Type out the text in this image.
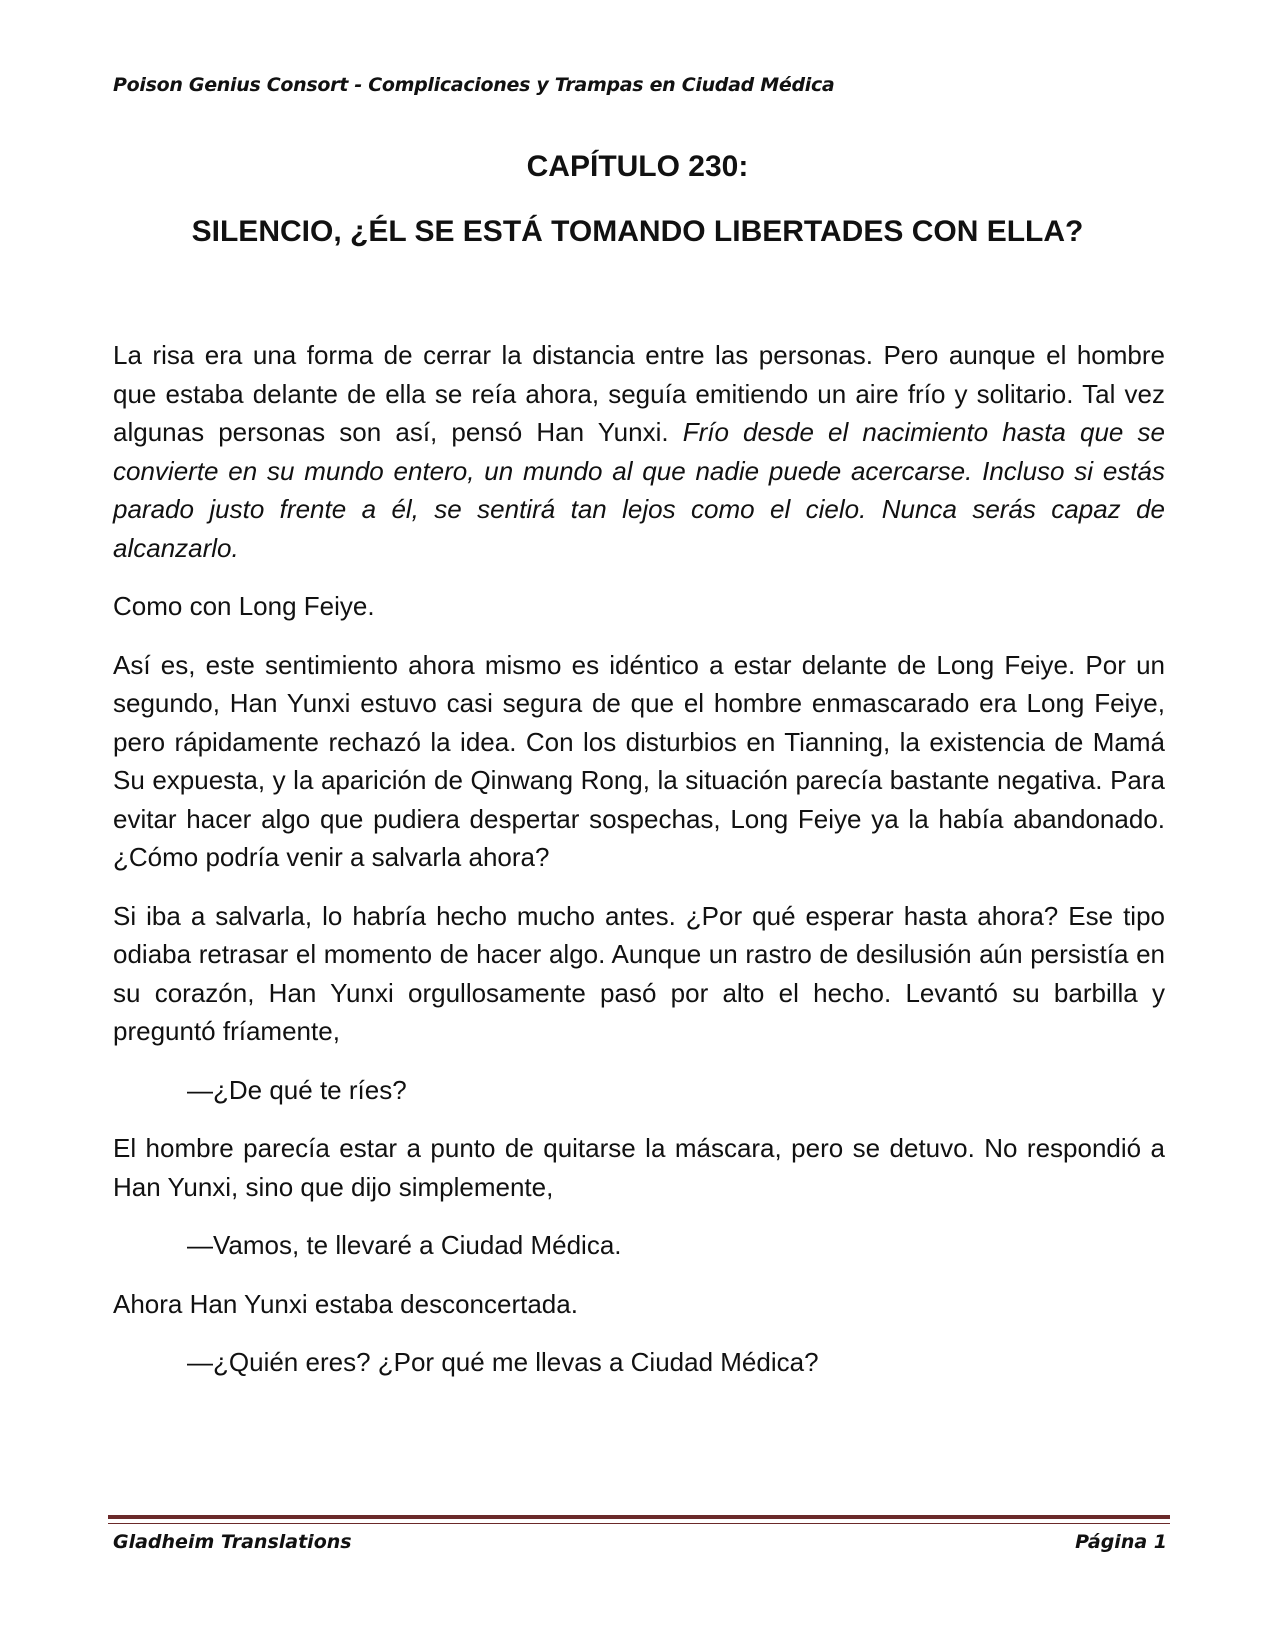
Poison Genius Consort - Complicaciones y Trampas en Ciudad Médica
CAPÍTULO 230:
SILENCIO, ¿ÉL SE ESTÁ TOMANDO LIBERTADES CON ELLA?

La risa era una forma de cerrar la distancia entre las personas. Pero aunque el hombre que estaba delante de ella se reía ahora, seguía emitiendo un aire frío y solitario. Tal vez algunas personas son así, pensó Han Yunxi. Frío desde el nacimiento hasta que se convierte en su mundo entero, un mundo al que nadie puede acercarse. Incluso si estás parado justo frente a él, se sentirá tan lejos como el cielo. Nunca serás capaz de alcanzarlo.

Como con Long Feiye.

Así es, este sentimiento ahora mismo es idéntico a estar delante de Long Feiye. Por un segundo, Han Yunxi estuvo casi segura de que el hombre enmascarado era Long Feiye, pero rápidamente rechazó la idea. Con los disturbios en Tianning, la existencia de Mamá Su expuesta, y la aparición de Qinwang Rong, la situación parecía bastante negativa. Para evitar hacer algo que pudiera despertar sospechas, Long Feiye ya la había abandonado. ¿Cómo podría venir a salvarla ahora?

Si iba a salvarla, lo habría hecho mucho antes. ¿Por qué esperar hasta ahora? Ese tipo odiaba retrasar el momento de hacer algo. Aunque un rastro de desilusión aún persistía en su corazón, Han Yunxi orgullosamente pasó por alto el hecho. Levantó su barbilla y preguntó fríamente,

—¿De qué te ríes?

El hombre parecía estar a punto de quitarse la máscara, pero se detuvo. No respondió a Han Yunxi, sino que dijo simplemente,

—Vamos, te llevaré a Ciudad Médica.

Ahora Han Yunxi estaba desconcertada.

—¿Quién eres? ¿Por qué me llevas a Ciudad Médica?

Gladheim Translations	Página 1
